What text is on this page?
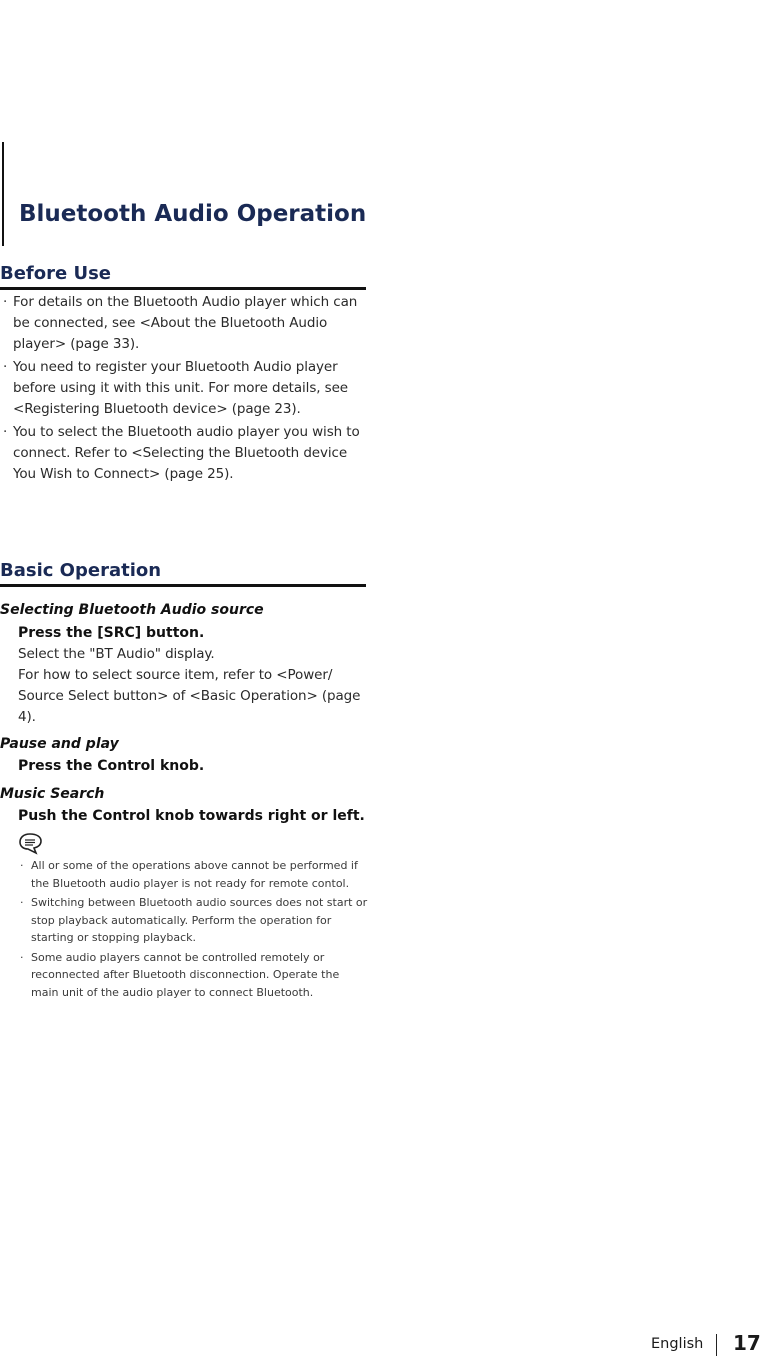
Bluetooth Audio Operation
Before Use
· For details on the Bluetooth Audio player which can be connected, see <About the Bluetooth Audio player> (page 33).
· You need to register your Bluetooth Audio player before using it with this unit. For more details, see <Registering Bluetooth device> (page 23).
· You to select the Bluetooth audio player you wish to connect. Refer to <Selecting the Bluetooth device You Wish to Connect> (page 25).
Basic Operation
Selecting Bluetooth Audio source
Press the [SRC] button.

Select the "BT Audio" display.

For how to select source item, refer to <Power/ Source Select button> of <Basic Operation> (page 4).

Pause and play
Press the Control knob.
Music Search
Push the Control knob towards right or left.
· All or some of the operations above cannot be performed if the Bluetooth audio player is not ready for remote contol.
· Switching between Bluetooth audio sources does not start or stop playback automatically. Perform the operation for starting or stopping playback.
· Some audio players cannot be controlled remotely or reconnected after Bluetooth disconnection. Operate the main unit of the audio player to connect Bluetooth.
English 17
